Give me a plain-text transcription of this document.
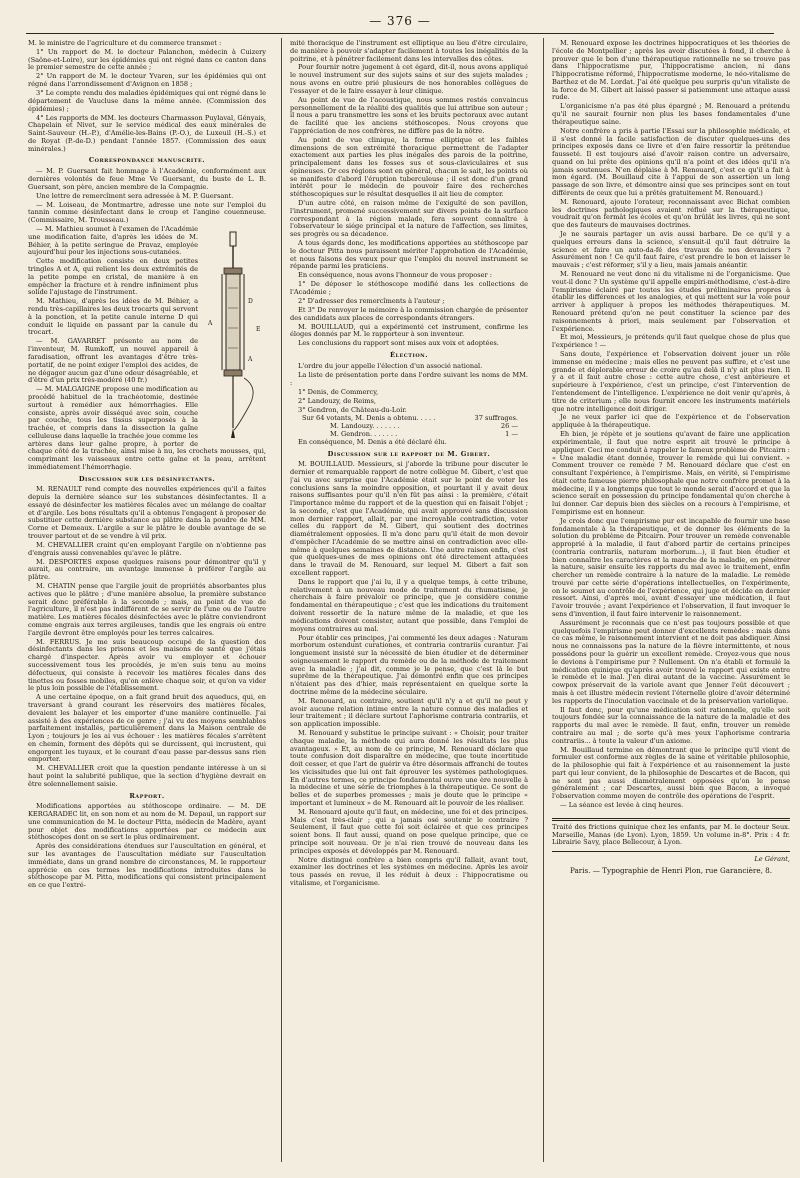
— 376 —

M. le ministre de l'agriculture et du commerce transmet :

1° Un rapport de M. le docteur Palanchon, médecin à Cuizery (Saône-et-Loire), sur les épidémies qui ont régné dans ce canton dans le premier semestre de cette année ;

2° Un rapport de M. le docteur Yvaren, sur les épidémies qui ont régné dans l'arrondissement d'Avignon en 1858 ;

3° Le compte rendu des maladies épidémiques qui ont régné dans le département de Vaucluse dans la même année. (Commission des épidémies) ;

4° Les rapports de MM. les docteurs Charmasson Puylaval, Gényais, Chapelain et Nivet, sur le service médical des eaux minérales de Saint-Sauveur (H.-P.), d'Amélie-les-Bains (P.-O.), de Luxeuil (H.-S.) et de Royat (P.-de-D.) pendant l'année 1857. (Commission des eaux minérales.)

Correspondance manuscrite.

— M. P. Guersant fait hommage à l'Académie, conformément aux dernières volontés de feue Mme Ve Guersant, du buste de L. B. Guersant, son père, ancien membre de la Compagnie.

Une lettre de remercîment sera adressée à M. P. Guersant.

— M. Loiseau, de Montmartre, adresse une note sur l'emploi du tannin comme désinfectant dans le croup et l'angine couenneuse. (Commissaire, M. Trousseau.)

A
D
E
A

— M. Mathieu soumet à l'examen de l'Académie une modification faite, d'après les idées de M. Béhier, à la petite seringue de Pravaz, employée aujourd'hui pour les injections sous-cutanées.

Cette modification consiste en deux petites tringles A et A, qui relient les deux extrémités de la petite pompe en cristal, de manière à en empêcher la fracture et à rendre infiniment plus solide l'ajustage de l'instrument.

M. Mathieu, d'après les idées de M. Béhier, a rendu très-capillaires les deux trocarts qui servent à la ponction, et la petite canule interne D qui conduit le liquide en passant par la canule du trocart.

— M. GAVARRET présente au nom de l'inventeur, M. Rumkoff, un nouvel appareil à faradisation, offrant les avantages d'être très-portatif, de ne point exiger l'emploi des acides, de ne dégager aucun gaz d'une odeur désagréable, et d'être d'un prix très-modéré (40 fr.)

— M. MALGAIGNE propose une modification au procédé habituel de la trachéotomie, destinée surtout à remédier aux hémorrhagies. Elle consiste, après avoir disséqué avec soin, couche par couche, tous les tissus superposés à la trachée, et compris dans la dissection la gaîne celluleuse dans laquelle la trachée joue comme les artères dans leur gaîne propre, à porter de chaque côté de la trachée, ainsi mise à nu, les crochets mousses, qui, comprimant les vaisseaux entre cette gaîne et la peau, arrêtent immédiatement l'hémorrhagie.

Discussion sur les désinfectants.

M. RENAULT rend compte des nouvelles expériences qu'il a faites depuis la dernière séance sur les substances désinfectantes. Il a essayé de désinfecter les matières fécales avec un mélange de coaltar et d'argile. Les bons résultats qu'il a obtenus l'engagent à proposer de substituer cette dernière substance au plâtre dans la poudre de MM. Corne et Demeaux. L'argile a sur le plâtre le double avantage de se trouver partout et de se vendre à vil prix.

M. CHEVALLIER craint qu'en employant l'argile on n'obtienne pas d'engrais aussi convenables qu'avec le plâtre.

M. DESPORTES expose quelques raisons pour démontrer qu'il y aurait, au contraire, un avantage immense à préférer l'argile au plâtre.

M. CHATIN pense que l'argile jouit de propriétés absorbantes plus actives que le plâtre ; d'une manière absolue, la première substance serait donc préférable à la seconde ; mais, au point de vue de l'agriculture, il n'est pas indifférent de se servir de l'une ou de l'autre matière. Les matières fécales désinfectées avec le plâtre conviendront comme engrais aux terres argileuses, tandis que les engrais où entre l'argile devront être employés pour les terres calcaires.

M. FERRUS. Je me suis beaucoup occupé de la question des désinfectants dans les prisons et les maisons de santé que j'étais chargé d'inspecter. Après avoir vu employer et échouer successivement tous les procédés, je m'en suis tenu au moins défectueux, qui consiste à recevoir les matières fécales dans des tinettes ou fosses mobiles, qu'on enlève chaque soir, et qu'on va vider le plus loin possible de l'établissement.

A une certaine époque, on a fait grand bruit des aqueducs, qui, en traversant à grand courant les réservoirs des matières fécales, devaient les balayer et les emporter d'une manière continuelle. J'ai assisté à des expériences de ce genre ; j'ai vu des moyens semblables parfaitement installés, particulièrement dans la Maison centrale de Lyon ; toujours je les ai vus échouer : les matières fécales s'arrêtent en chemin, forment des dépôts qui se durcissent, qui incrustent, qui engorgent les tuyaux, et le courant d'eau passe par-dessus sans rien emporter.

M. CHEVALLIER croit que la question pendante intéresse à un si haut point la salubrité publique, que la section d'hygiène devrait en être solennellement saisie.

Rapport.

Modifications apportées au stéthoscope ordinaire. — M. DE KERGARADEC lit, en son nom et au nom de M. Depaul, un rapport sur une communication de M. le docteur Pitta, médecin de Madère, ayant pour objet des modifications apportées par ce médecin aux stéthoscopes dont on se sert le plus ordinairement.

Après des considérations étendues sur l'auscultation en général, et sur les avantages de l'auscultation médiate sur l'auscultation immédiate, dans un grand nombre de circonstances, M. le rapporteur apprécie en ces termes les modifications introduites dans le stéthoscope par M. Pitta, modifications qui consistent principalement en ce que l'extré-

mité thoracique de l'instrument est elliptique au lieu d'être circulaire, de manière à pouvoir s'adapter facilement à toutes les inégalités de la poitrine, et à pénétrer facilement dans les intervalles des côtes.

Pour fournir notre jugement à cet égard, dit-il, nous avons appliqué le nouvel instrument sur des sujets sains et sur des sujets malades ; nous avons en outre prié plusieurs de nos honorables collègues de l'essayer et de le faire essayer à leur clinique.

Au point de vue de l'acoustique, nous sommes restés convaincus personnellement de la réalité des qualités que lui attribue son auteur ; il nous a paru transmettre les sons et les bruits pectoraux avec autant de facilité que les anciens stéthoscopes. Nous croyons que l'appréciation de nos confrères, ne diffère pas de la nôtre.

Au point de vue clinique, la forme elliptique et les faibles dimensions de son extrémité thoracique permettent de l'adapter exactement aux parties les plus inégales des parois de la poitrine, principalement dans les fosses sus et sous-claviculaires et sus épineuses. Or ces régions sont en général, chacun le sait, les points où se manifeste d'abord l'éruption tuberculeuse ; il est donc d'un grand intérêt pour le médecin de pouvoir faire des recherches stéthoscopiques sur le résultat desquelles il ait lieu de compter.

D'un autre côté, en raison même de l'exiguïté de son pavillon, l'instrument, promené successivement sur divers points de la surface correspondant à la région malade, fera souvent connaître à l'observateur le siége principal et la nature de l'affection, ses limites, ses progrès ou sa décadence.

A tous égards donc, les modifications apportées au stéthoscope par le docteur Pitta nous paraissent mériter l'approbation de l'Académie, et nous faisons des vœux pour que l'emploi du nouvel instrument se répande parmi les praticiens.

En conséquence, nous avons l'honneur de vous proposer :

1° De déposer le stéthoscope modifié dans les collections de l'Académie ;

2° D'adresser des remercîments à l'auteur ;

Et 3° De renvoyer le mémoire à la commission chargée de présenter des candidats aux places de correspondants étrangers.

M. BOUILLAUD, qui a expérimenté cet instrument, confirme les éloges donnés par M. le rapporteur à son inventeur.

Les conclusions du rapport sont mises aux voix et adoptées.

Élection.

L'ordre du jour appelle l'élection d'un associé national.

La liste de présentation porte dans l'ordre suivant les noms de MM. :

1° Denis, de Commercy,

2° Landouzy, de Reims,

3° Gendron, de Château-du-Loir.

Sur 64 votants, M. Denis a obtenu. . . . .	37 suffrages.
M. Landouzy. . . . . . .	26 —
M. Gendron. . . . . . .	1 —

En conséquence, M. Denis a été déclaré élu.

Discussion sur le rapport de M. Gibert.

M. BOUILLAUD. Messieurs, si j'aborde la tribune pour discuter le dernier et remarquable rapport de notre collègue M. Gibert, c'est que j'ai vu avec surprise que l'Académie était sur le point de voter les conclusions sans la moindre opposition, et pourtant il y avait deux raisons suffisantes pour qu'il n'en fût pas ainsi : la première, c'était l'importance même du rapport et de la question qui en faisait l'objet ; la seconde, c'est que l'Académie, qui avait approuvé sans discussion mon dernier rapport, allait, par une incroyable contradiction, voter celles du rapport de M. Gibert, qui soutient des doctrines diamétralement opposées. Il m'a donc paru qu'il était de mon devoir d'empêcher l'Académie de se mettre ainsi en contradiction avec elle-même à quelques semaines de distance. Une autre raison enfin, c'est que quelques-unes de mes opinions ont été directement attaquées dans le travail de M. Renouard, sur lequel M. Gibert a fait son excellent rapport.

Dans le rapport que j'ai lu, il y a quelque temps, à cette tribune, relativement à un nouveau mode de traitement du rhumatisme, je cherchais à faire prévaloir ce principe, que je considère comme fondamental en thérapeutique ; c'est que les indications du traitement doivent ressortir de la nature même de la maladie, et que les médications doivent consister, autant que possible, dans l'emploi de moyens contraires au mal.

Pour établir ces principes, j'ai commenté les deux adages : Naturam morborum ostendunt curationes, et contraria contrariis curantur. J'ai longuement insisté sur la nécessité de bien étudier et de déterminer soigneusement le rapport du remède ou de la méthode de traitement avec la maladie ; j'ai dit, comme je le pense, que c'est là le but suprême de la thérapeutique. J'ai démontré enfin que ces principes n'étaient pas des d'hier, mais représentaient en quelque sorte la doctrine même de la médecine séculaire.

M. Renouard, au contraire, soutient qu'il n'y a et qu'il ne peut y avoir aucune relation intime entre la nature connue des maladies et leur traitement ; il déclare surtout l'aphorisme contraria contrariis, et son application impossible.

M. Renouard y substitue le principe suivant : « Choisir, pour traiter chaque maladie, la méthode qui aura donné les résultats les plus avantageux. » Et, au nom de ce principe, M. Renouard déclare que toute confusion doit disparaître en médecine, que toute incertitude doit cesser, et que l'art de guérir va être désormais affranchi de toutes les vicissitudes que lui ont fait éprouver les systèmes pathologiques. En d'autres termes, ce principe fondamental ouvre une ère nouvelle à la médecine et une série de triomphes à la thérapeutique. Ce sont de belles et de superbes promesses ; mais je doute que le principe « important et lumineux » de M. Renouard ait le pouvoir de les réaliser.

M. Renouard ajoute qu'il faut, en médecine, une foi et des principes. Mais c'est très-clair ; qui a jamais osé soutenir le contraire ? Seulement, il faut que cette foi soit éclairée et que ces principes soient bons. Il faut aussi, quand on pose quelque principe, que ce principe soit nouveau. Or je n'ai rien trouvé de nouveau dans les principes exposés et développés par M. Renouard.

Notre distingué confrère a bien compris qu'il fallait, avant tout, examiner les doctrines et les systèmes en médecine. Après les avoir tous passés en revue, il les réduit à deux : l'hippocratisme ou vitalisme, et l'organicisme.

M. Renouard expose les doctrines hippocratiques et les théories de l'école de Montpellier ; après les avoir discutées à fond, il cherche à prouver que le bon d'une thérapeutique rationnelle ne se trouve pas dans l'hippocratisme pur, l'hippocratisme ancien, ni dans l'hippocratisme réformé, l'hippocratisme moderne, le néo-vitalisme de Barthez et de M. Lordat. J'ai été quelque peu surpris qu'un vitaliste de la force de M. Gibert ait laissé passer si patiemment une attaque aussi rude.

L'organicisme n'a pas été plus épargné ; M. Renouard a prétendu qu'il ne saurait fournir non plus les bases fondamentales d'une thérapeutique saine.

Notre confrère a pris à partie l'Essai sur la philosophie médicale, et il s'est donné la facile satisfaction de discuter quelques-uns des principes exposés dans ce livre et d'en faire ressortir la prétendue fausseté. Il est toujours aisé d'avoir raison contre un adversaire, quand on lui prête des opinions qu'il n'a point et des idées qu'il n'a jamais soutenues. N'en déplaise à M. Renouard, c'est ce qu'il a fait à mon égard. (M. Bouillaud cite à l'appui de son assertion un long passage de son livre, et démontre ainsi que ses principes sont en tout différents de ceux que lui a prêtés gratuitement M. Renouard.)

M. Renouard, ajoute l'orateur, reconnaissant avec Bichat combien les doctrines pathologiques avaient réflué sur la thérapeutique, voudrait qu'on fermât les écoles et qu'on brûlât les livres, qui ne sont que des fauteurs de mauvaises doctrines.

Je ne saurais partager un avis aussi barbare. De ce qu'il y a quelques erreurs dans la science, s'ensuit-il qu'il faut détruire la science et faire un auto-da-fé des travaux de nos devanciers ? Assurément non ! Ce qu'il faut faire, c'est prendre le bon et laisser le mauvais ; c'est réformer, s'il y a lieu, mais jamais anéantir.

M. Renouard ne veut donc ni du vitalisme ni de l'organicisme. Que veut-il donc ? Un système qu'il appelle empiri-méthodisme, c'est-à-dire l'empirisme éclairé par toutes les études préliminaires propres à établir les différences et les analogies, et qui mettent sur la voie pour arriver à appliquer à propos les méthodes thérapeutiques. M. Renouard prétend qu'on ne peut constituer la science par des raisonnements à priori, mais seulement par l'observation et l'expérience.

Et moi, Messieurs, je prétends qu'il faut quelque chose de plus que l'expérience ! —

Sans doute, l'expérience et l'observation doivent jouer un rôle immense en médecine ; mais elles ne peuvent pas suffire, et c'est une grande et déplorable erreur de croire qu'au delà il n'y ait plus rien. Il y a et il faut autre chose : cette autre chose, c'est antérieure et supérieure à l'expérience, c'est un principe, c'est l'intervention de l'entendement de l'intelligence. L'expérience ne doit venir qu'après, à titre de criterium ; elle nous fournit encore les instruments matériels que notre intelligence doit diriger.

Je ne veux parler ici que de l'expérience et de l'observation appliquée à la thérapeutique.

Eh bien, je répète et je soutiens qu'avant de faire une application expérimentale, il faut que notre esprit ait trouvé le principe à appliquer. Ceci me conduit à rappeler le fameux problème de Pitcairn : « Une maladie étant donnée, trouver le remède qui lui convient. » Comment trouver ce remède ? M. Renouard déclare que c'est en consultant l'expérience, à l'empirisme. Mais, en vérité, si l'empirisme était cette fameuse pierre philosophale que notre confrère promet à la médecine, il y a longtemps que tout le monde serait d'accord et que la science serait en possession du principe fondamental qu'on cherche à lui donner. Car depuis bien des siècles on a recours à l'empirisme, et l'empirisme est en honneur.

Je crois donc que l'empirisme pur est incapable de fournir une base fondamentale à la thérapeutique, et de donner les éléments de la solution du problème de Pitcairn. Pour trouver un remède convenable approprié à la maladie, il faut d'abord partir de certains principes (contraria contrariis, naturam morborum...), il faut bien étudier et bien connaître les caractères et la marche de la maladie, en pénétrer la nature, saisir ensuite les rapports du mal avec le traitement, enfin chercher un remède contraire à la nature de la maladie. Le remède trouvé par cette série d'opérations intellectuelles, on l'expérimente, on le soumet au contrôle de l'expérience, qui juge et décide en dernier ressort. Ainsi, d'après moi, avant d'essayer une médication, il faut l'avoir trouvée ; avant l'expérience et l'observation, il faut invoquer le sens d'invention, il faut faire intervenir le raisonnement.

Assurément je reconnais que ce n'est pas toujours possible et que quelquefois l'empirisme peut donner d'excellents remèdes : mais dans ce cas même, le raisonnement intervient et ne doit pas abdiquer. Ainsi nous ne connaissons pas la nature de la fièvre intermittente, et nous possédons pour la guérir un excellent remède. Croyez-vous que nous le devions à l'empirisme pur ? Nullement. On n'a établi et formulé la médication quinique qu'après avoir trouvé le rapport qui existe entre le remède et le mal. J'en dirai autant de la vaccine. Assurément le cowpox préservait de la variole avant que Jenner l'eût découvert ; mais à cet illustre médecin revient l'éternelle gloire d'avoir déterminé les rapports de l'inoculation vaccinale et de la préservation variolique.

Il faut donc, pour qu'une médication soit rationnelle, qu'elle soit toujours fondée sur la connaissance de la nature de la maladie et des rapports du mal avec le remède. Il faut, enfin, trouver un remède contraire au mal ; de sorte qu'à mes yeux l'aphorisme contraria contrariis... à toute la valeur d'un axiome.

M. Bouillaud termine en démontrant que le principe qu'il vient de formuler est conforme aux règles de la saine et véritable philosophie, de la philosophie qui fait à l'expérience et au raisonnement la juste part qui leur convient, de la philosophie de Descartes et de Bacon, qui ne sont pas aussi diamétralement opposées qu'on le pense généralement ; car Descartes, aussi bien que Bacon, a invoqué l'observation comme moyen de contrôle des opérations de l'esprit.

— La séance est levée à cinq heures.

Traité des frictions quinique chez les enfants, par M. le docteur Seux. Marseille, Manas (de Lyon). Lyon, 1859. Un volume in-8°. Prix : 4 fr. Librairie Savy, place Bellecour, à Lyon.

Le Gérant,
Paris. — Typographie de Henri Plon, rue Garancière, 8.
